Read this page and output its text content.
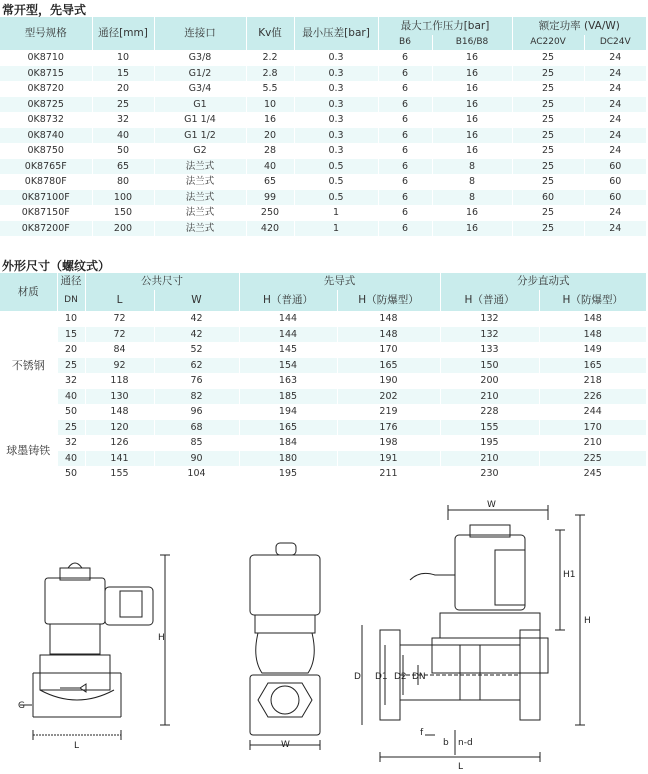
常开型，先导式
型号规格	通径[mm]	连接口	Kv值	最小压差[bar]	最大工作压力[bar]		额定功率 (VA/W)	
					B6	B16/B8	AC220V	DC24V
0K8710	10	G3/8	2.2	0.3	6	16	25	24
0K8715	15	G1/2	2.8	0.3	6	16	25	24
0K8720	20	G3/4	5.5	0.3	6	16	25	24
0K8725	25	G1	10	0.3	6	16	25	24
0K8732	32	G1 1/4	16	0.3	6	16	25	24
0K8740	40	G1 1/2	20	0.3	6	16	25	24
0K8750	50	G2	28	0.3	6	16	25	24
0K8765F	65	法兰式	40	0.5	6	8	25	60
0K8780F	80	法兰式	65	0.5	6	8	25	60
0K87100F	100	法兰式	99	0.5	6	8	60	60
0K87150F	150	法兰式	250	1	6	16	25	24
0K87200F	200	法兰式	420	1	6	16	25	24
外形尺寸（螺纹式）
材质	通径	公共尺寸		先导式		分步直动式	
	DN	L	W	H（普通）	H（防爆型）	H（普通）	H（防爆型）
不锈钢	10	72	42	144	148	132	148
	15	72	42	144	148	132	148
	20	84	52	145	170	133	149
	25	92	62	154	165	150	165
	32	118	76	163	190	200	218
	40	130	82	185	202	210	226
	50	148	96	194	219	228	244
球墨铸铁	25	120	68	165	176	155	170
	32	126	85	184	198	195	210
	40	141	90	180	191	210	225
	50	155	104	195	211	230	245
G
H
L	W
W
H1
H
D D1 D2 DN
f
b n-d
L
